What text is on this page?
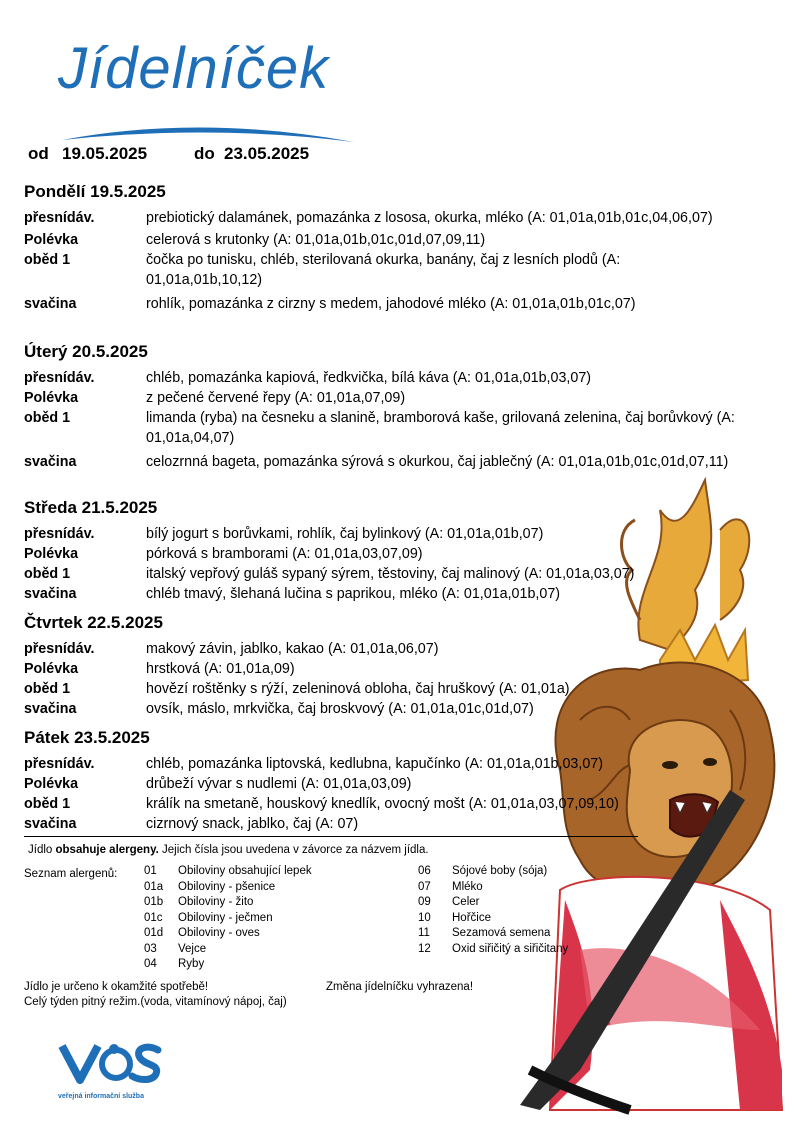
Jídelníček
od 19.05.2025	do 23.05.2025
Pondělí 19.5.2025
přesnídáv.	prebiotický dalamánek, pomazánka z lososa, okurka, mléko (A: 01,01a,01b,01c,04,06,07)
Polévka	celerová s krutonky (A: 01,01a,01b,01c,01d,07,09,11)
oběd 1	čočka po tunisku, chléb, sterilovaná okurka, banány, čaj z lesních plodů (A: 01,01a,01b,10,12)
svačina	rohlík, pomazánka z cirzny s medem, jahodové mléko (A: 01,01a,01b,01c,07)
Úterý 20.5.2025
přesnídáv.	chléb, pomazánka kapiová, ředkvička, bílá káva (A: 01,01a,01b,03,07)
Polévka	z pečené červené řepy (A: 01,01a,07,09)
oběd 1	limanda (ryba) na česneku a slanině, bramborová kaše, grilovaná zelenina, čaj borůvkový (A: 01,01a,04,07)
svačina	celozrnná bageta, pomazánka sýrová s okurkou, čaj jablečný (A: 01,01a,01b,01c,01d,07,11)
Středa 21.5.2025
přesnídáv.	bílý jogurt s borůvkami, rohlík, čaj bylinkový (A: 01,01a,01b,07)
Polévka	pórková s bramborami (A: 01,01a,03,07,09)
oběd 1	italský vepřový guláš sypaný sýrem, těstoviny, čaj malinový (A: 01,01a,03,07)
svačina	chléb tmavý, šlehaná lučina s paprikou, mléko (A: 01,01a,01b,07)
Čtvrtek 22.5.2025
přesnídáv.	makový závin, jablko, kakao (A: 01,01a,06,07)
Polévka	hrstková (A: 01,01a,09)
oběd 1	hovězí roštěnky s rýží, zeleninová obloha, čaj hruškový (A: 01,01a)
svačina	ovsík, máslo, mrkvička, čaj broskvový (A: 01,01a,01c,01d,07)
Pátek 23.5.2025
přesnídáv.	chléb, pomazánka liptovská, kedlubna, kapučínko (A: 01,01a,01b,03,07)
Polévka	drůbeží vývar s nudlemi (A: 01,01a,03,09)
oběd 1	králík na smetaně, houskový knedlík, ovocný mošt (A: 01,01a,03,07,09,10)
svačina	cizrnový snack, jablko, čaj (A: 07)
Jídlo obsahuje alergeny. Jejich čísla jsou uvedena v závorce za názvem jídla.
Seznam alergenů: 01 Obiloviny obsahující lepek
01a Obiloviny - pšenice
01b Obiloviny - žito
01c Obiloviny - ječmen
01d Obiloviny - oves
03 Vejce
04 Ryby
06 Sójové boby (sója)
07 Mléko
09 Celer
10 Hořčice
11 Sezamová semena
12 Oxid siřičitý a siřičitany
Jídlo je určeno k okamžité spotřebě!	Změna jídelníčku vyhrazena!
Celý týden pitný režim.(voda, vitamínový nápoj, čaj)
veřejná informační služba
